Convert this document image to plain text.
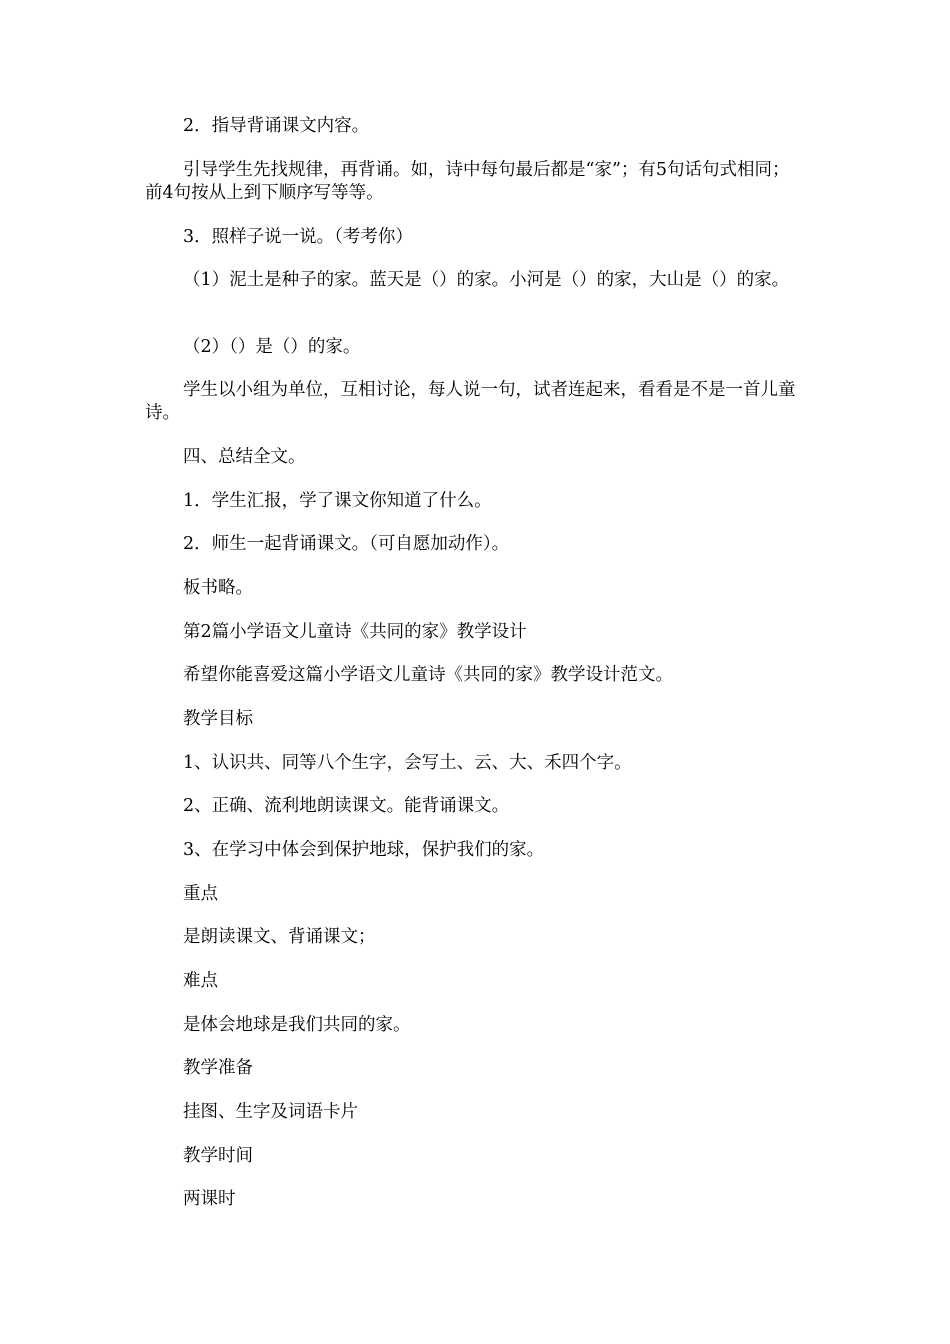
2．指导背诵课文内容。

引导学生先找规律，再背诵。如，诗中每句最后都是“家”；有5句话句式相同；前4句按从上到下顺序写等等。

3．照样子说一说。（考考你）

（1）泥土是种子的家。蓝天是（）的家。小河是（）的家，大山是（）的家。

（2）（）是（）的家。

学生以小组为单位，互相讨论，每人说一句，试者连起来，看看是不是一首儿童诗。

四、总结全文。

1．学生汇报，学了课文你知道了什么。

2．师生一起背诵课文。（可自愿加动作）。

板书略。

第2篇小学语文儿童诗《共同的家》教学设计

希望你能喜爱这篇小学语文儿童诗《共同的家》教学设计范文。

教学目标

1、认识共、同等八个生字，会写土、云、大、禾四个字。

2、正确、流利地朗读课文。能背诵课文。

3、在学习中体会到保护地球，保护我们的家。

重点

是朗读课文、背诵课文；

难点

是体会地球是我们共同的家。

教学准备

挂图、生字及词语卡片

教学时间

两课时
